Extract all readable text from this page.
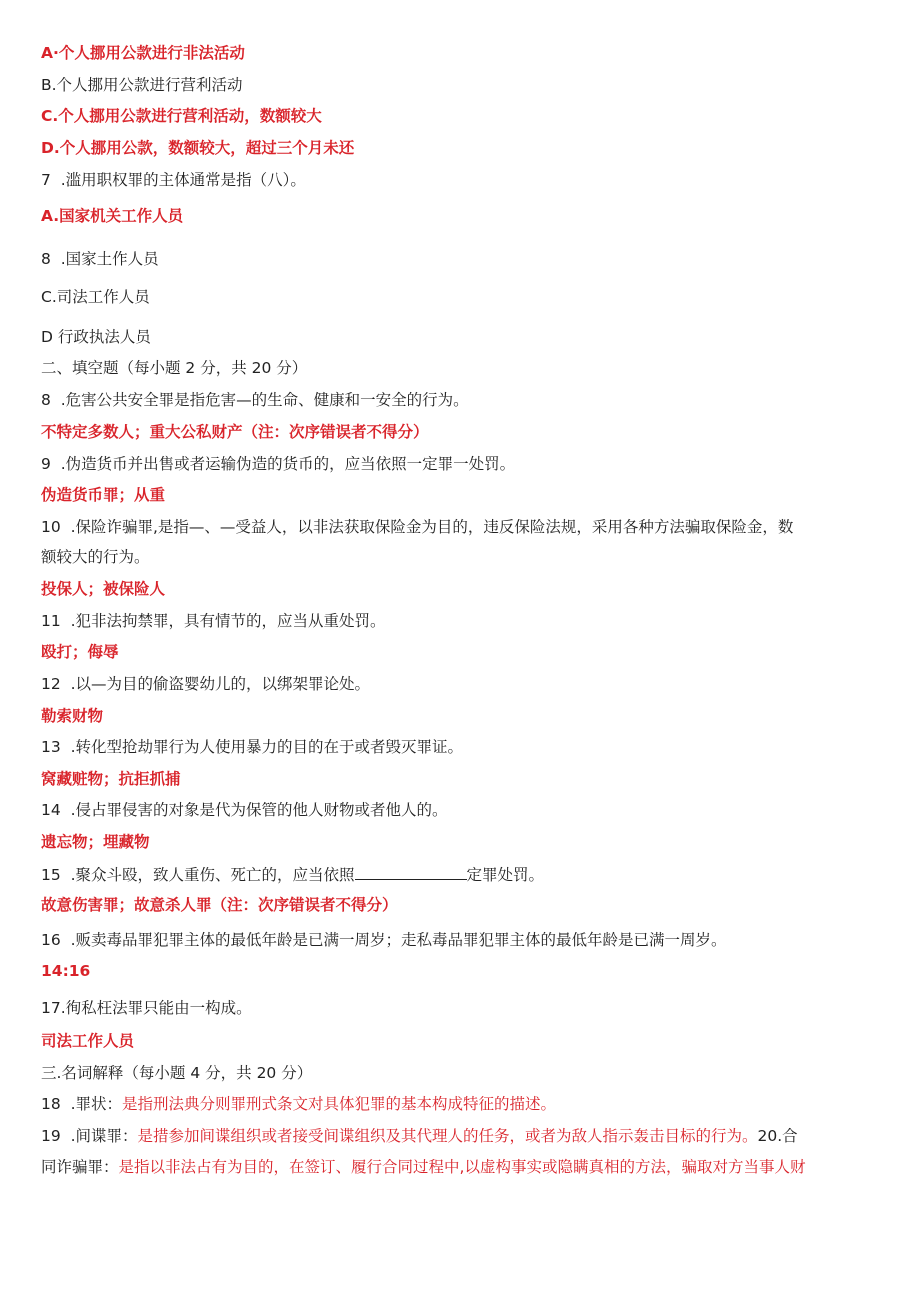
A·个人挪用公款进行非法活动
B.个人挪用公款进行营利活动
C.个人挪用公款进行营利活动，数额较大
D.个人挪用公款，数额较大，超过三个月未还
7  .滥用职权罪的主体通常是指（八）。
A.国家机关工作人员
8  .国家土作人员
C.司法工作人员
D 行政执法人员
二、填空题（每小题 2 分，共 20 分）
8  .危害公共安全罪是指危害—的生命、健康和一安全的行为。
不特定多数人；重大公私财产（注：次序错误者不得分）
9  .伪造货币并出售或者运输伪造的货币的，应当依照一定罪一处罚。
伪造货币罪；从重
10  .保险诈骗罪,是指—、—受益人，以非法获取保险金为目的，违反保险法规，采用各种方法骗取保险金，数
额较大的行为。
投保人；被保险人
11  .犯非法拘禁罪，具有情节的，应当从重处罚。
殴打；侮辱
12  .以—为目的偷盗婴幼儿的，以绑架罪论处。
勒索财物
13  .转化型抢劫罪行为人使用暴力的目的在于或者毁灭罪证。
窝藏赃物；抗拒抓捕
14  .侵占罪侵害的对象是代为保管的他人财物或者他人的。
遗忘物；埋藏物
15  .聚众斗殴，致人重伤、死亡的，应当依照	定罪处罚。
故意伤害罪；故意杀人罪（注：次序错误者不得分）
16  .贩卖毒品罪犯罪主体的最低年龄是已满一周岁；走私毒品罪犯罪主体的最低年龄是已满一周岁。
14:16
17.徇私枉法罪只能由一构成。
司法工作人员
三.名词解释（每小题 4 分，共 20 分）
18  .罪状：是指刑法典分则罪刑式条文对具体犯罪的基本构成特征的描述。
19  .间谍罪：是措参加间谍组织或者接受间谍组织及其代理人的任务，或者为敌人指示轰击目标的行为。20.合
同诈骗罪：是指以非法占有为目的，在签订、履行合同过程中,以虚构事实或隐瞒真相的方法，骗取对方当事人财
